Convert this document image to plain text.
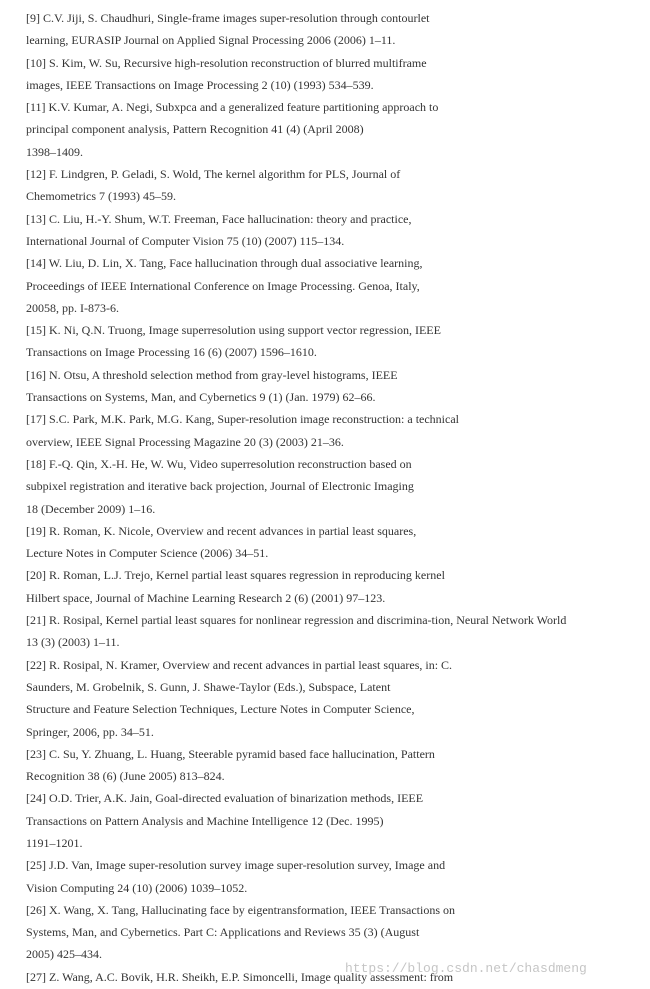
[9] C.V. Jiji, S. Chaudhuri, Single-frame images super-resolution through contourlet
learning, EURASIP Journal on Applied Signal Processing 2006 (2006) 1–11.
[10] S. Kim, W. Su, Recursive high-resolution reconstruction of blurred multiframe
images, IEEE Transactions on Image Processing 2 (10) (1993) 534–539.
[11] K.V. Kumar, A. Negi, Subxpca and a generalized feature partitioning approach to
principal component analysis, Pattern Recognition 41 (4) (April 2008)
1398–1409.
[12] F. Lindgren, P. Geladi, S. Wold, The kernel algorithm for PLS, Journal of
Chemometrics 7 (1993) 45–59.
[13] C. Liu, H.-Y. Shum, W.T. Freeman, Face hallucination: theory and practice,
International Journal of Computer Vision 75 (10) (2007) 115–134.
[14] W. Liu, D. Lin, X. Tang, Face hallucination through dual associative learning,
Proceedings of IEEE International Conference on Image Processing. Genoa, Italy,
20058, pp. I-873-6.
[15] K. Ni, Q.N. Truong, Image superresolution using support vector regression, IEEE
Transactions on Image Processing 16 (6) (2007) 1596–1610.
[16] N. Otsu, A threshold selection method from gray-level histograms, IEEE
Transactions on Systems, Man, and Cybernetics 9 (1) (Jan. 1979) 62–66.
[17] S.C. Park, M.K. Park, M.G. Kang, Super-resolution image reconstruction: a technical
overview, IEEE Signal Processing Magazine 20 (3) (2003) 21–36.
[18] F.-Q. Qin, X.-H. He, W. Wu, Video superresolution reconstruction based on
subpixel registration and iterative back projection, Journal of Electronic Imaging
18 (December 2009) 1–16.
[19] R. Roman, K. Nicole, Overview and recent advances in partial least squares,
Lecture Notes in Computer Science (2006) 34–51.
[20] R. Roman, L.J. Trejo, Kernel partial least squares regression in reproducing kernel
Hilbert space, Journal of Machine Learning Research 2 (6) (2001) 97–123.
[21] R. Rosipal, Kernel partial least squares for nonlinear regression and discrimina-tion, Neural Network World
13 (3) (2003) 1–11.
[22] R. Rosipal, N. Kramer, Overview and recent advances in partial least squares, in: C.
Saunders, M. Grobelnik, S. Gunn, J. Shawe-Taylor (Eds.), Subspace, Latent
Structure and Feature Selection Techniques, Lecture Notes in Computer Science,
Springer, 2006, pp. 34–51.
[23] C. Su, Y. Zhuang, L. Huang, Steerable pyramid based face hallucination, Pattern
Recognition 38 (6) (June 2005) 813–824.
[24] O.D. Trier, A.K. Jain, Goal-directed evaluation of binarization methods, IEEE
Transactions on Pattern Analysis and Machine Intelligence 12 (Dec. 1995)
1191–1201.
[25] J.D. Van, Image super-resolution survey image super-resolution survey, Image and
Vision Computing 24 (10) (2006) 1039–1052.
[26] X. Wang, X. Tang, Hallucinating face by eigentransformation, IEEE Transactions on
Systems, Man, and Cybernetics. Part C: Applications and Reviews 35 (3) (August
2005) 425–434.
[27] Z. Wang, A.C. Bovik, H.R. Sheikh, E.P. Simoncelli, Image quality assessment: from
https://blog.csdn.net/chasdmeng
